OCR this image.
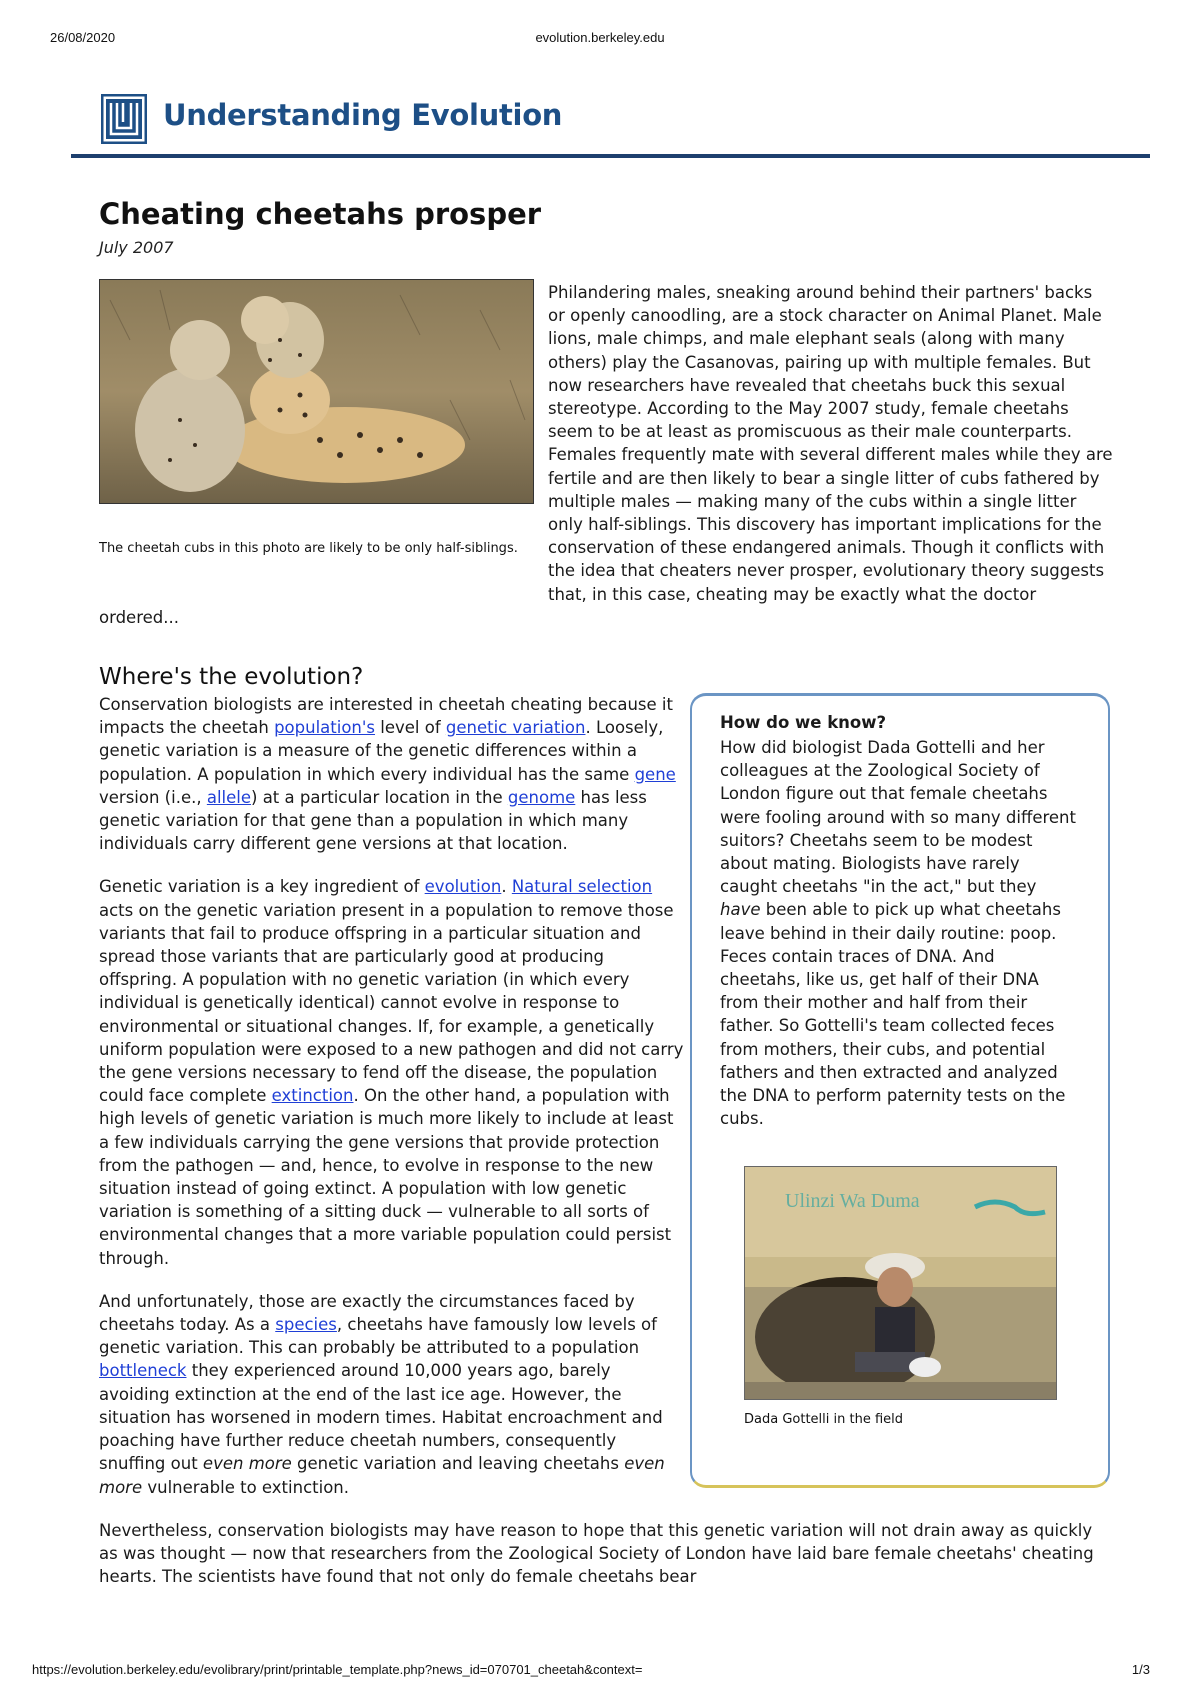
26/08/2020	evolution.berkeley.edu
Understanding Evolution
Cheating cheetahs prosper
July 2007
Philandering males, sneaking around behind their partners' backs or openly canoodling, are a stock character on Animal Planet. Male lions, male chimps, and male elephant seals (along with many others) play the Casanovas, pairing up with multiple females. But now researchers have revealed that cheetahs buck this sexual stereotype. According to the May 2007 study, female cheetahs seem to be at least as promiscuous as their male counterparts. Females frequently mate with several different males while they are fertile and are then likely to bear a single litter of cubs fathered by multiple males — making many of the cubs within a single litter only half-siblings. This discovery has important implications for the conservation of these endangered animals. Though it conflicts with the idea that cheaters never prosper, evolutionary theory suggests that, in this case, cheating may be exactly what the doctor ordered...
The cheetah cubs in this photo are likely to be only half-siblings.
Where's the evolution?

Conservation biologists are interested in cheetah cheating because it impacts the cheetah population's level of genetic variation. Loosely, genetic variation is a measure of the genetic differences within a population. A population in which every individual has the same gene version (i.e., allele) at a particular location in the genome has less genetic variation for that gene than a population in which many individuals carry different gene versions at that location.

Genetic variation is a key ingredient of evolution. Natural selection acts on the genetic variation present in a population to remove those variants that fail to produce offspring in a particular situation and spread those variants that are particularly good at producing offspring. A population with no genetic variation (in which every individual is genetically identical) cannot evolve in response to environmental or situational changes. If, for example, a genetically uniform population were exposed to a new pathogen and did not carry the gene versions necessary to fend off the disease, the population could face complete extinction. On the other hand, a population with high levels of genetic variation is much more likely to include at least a few individuals carrying the gene versions that provide protection from the pathogen — and, hence, to evolve in response to the new situation instead of going extinct. A population with low genetic variation is something of a sitting duck — vulnerable to all sorts of environmental changes that a more variable population could persist through.

And unfortunately, those are exactly the circumstances faced by cheetahs today. As a species, cheetahs have famously low levels of genetic variation. This can probably be attributed to a population bottleneck they experienced around 10,000 years ago, barely avoiding extinction at the end of the last ice age. However, the situation has worsened in modern times. Habitat encroachment and poaching have further reduce cheetah numbers, consequently snuffing out even more genetic variation and leaving cheetahs even more vulnerable to extinction.

Nevertheless, conservation biologists may have reason to hope that this genetic variation will not drain away as quickly as was thought — now that researchers from the Zoological Society of London have laid bare female cheetahs' cheating hearts. The scientists have found that not only do female cheetahs bear

How do we know?
How did biologist Dada Gottelli and her colleagues at the Zoological Society of London figure out that female cheetahs were fooling around with so many different suitors? Cheetahs seem to be modest about mating. Biologists have rarely caught cheetahs "in the act," but they have been able to pick up what cheetahs leave behind in their daily routine: poop. Feces contain traces of DNA. And cheetahs, like us, get half of their DNA from their mother and half from their father. So Gottelli's team collected feces from mothers, their cubs, and potential fathers and then extracted and analyzed the DNA to perform paternity tests on the cubs.
Ulinzi Wa Duma
Dada Gottelli in the field
https://evolution.berkeley.edu/evolibrary/print/printable_template.php?news_id=070701_cheetah&context=	1/3
